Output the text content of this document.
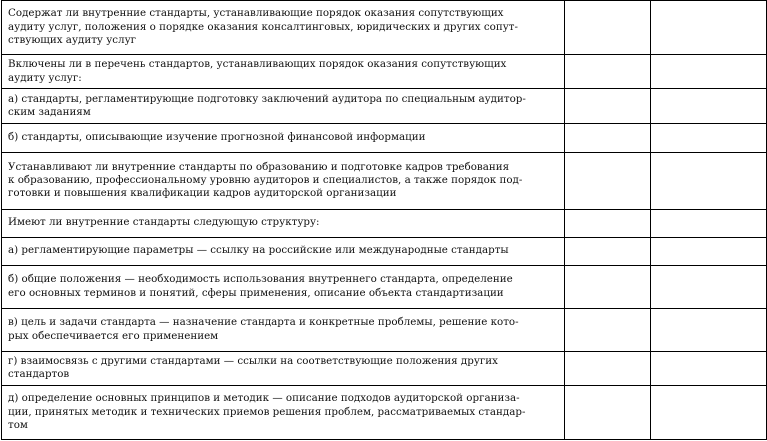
Содержат ли внутренние стандарты, устанавливающие порядок оказания сопутствующих
аудиту услуг, положения о порядке оказания консалтинговых, юридических и других сопут-
ствующих аудиту услуг		

Включены ли в перечень стандартов, устанавливающих порядок оказания сопутствующих
аудиту услуг:		

а) стандарты, регламентирующие подготовку заключений аудитора по специальным аудитор-
ским заданиям		

б) стандарты, описывающие изучение прогнозной финансовой информации		

Устанавливают ли внутренние стандарты по образованию и подготовке кадров требования
к образованию, профессиональному уровню аудиторов и специалистов, а также порядок под-
готовки и повышения квалификации кадров аудиторской организации		

Имеют ли внутренние стандарты следующую структуру:		

а) регламентирующие параметры — ссылку на российские или международные стандарты		

б) общие положения — необходимость использования внутреннего стандарта, определение
его основных терминов и понятий, сферы применения, описание объекта стандартизации		

в) цель и задачи стандарта — назначение стандарта и конкретные проблемы, решение кото-
рых обеспечивается его применением		

г) взаимосвязь с другими стандартами — ссылки на соответствующие положения других
стандартов		

д) определение основных принципов и методик — описание подходов аудиторской организа-
ции, принятых методик и технических приемов решения проблем, рассматриваемых стандар-
том		
